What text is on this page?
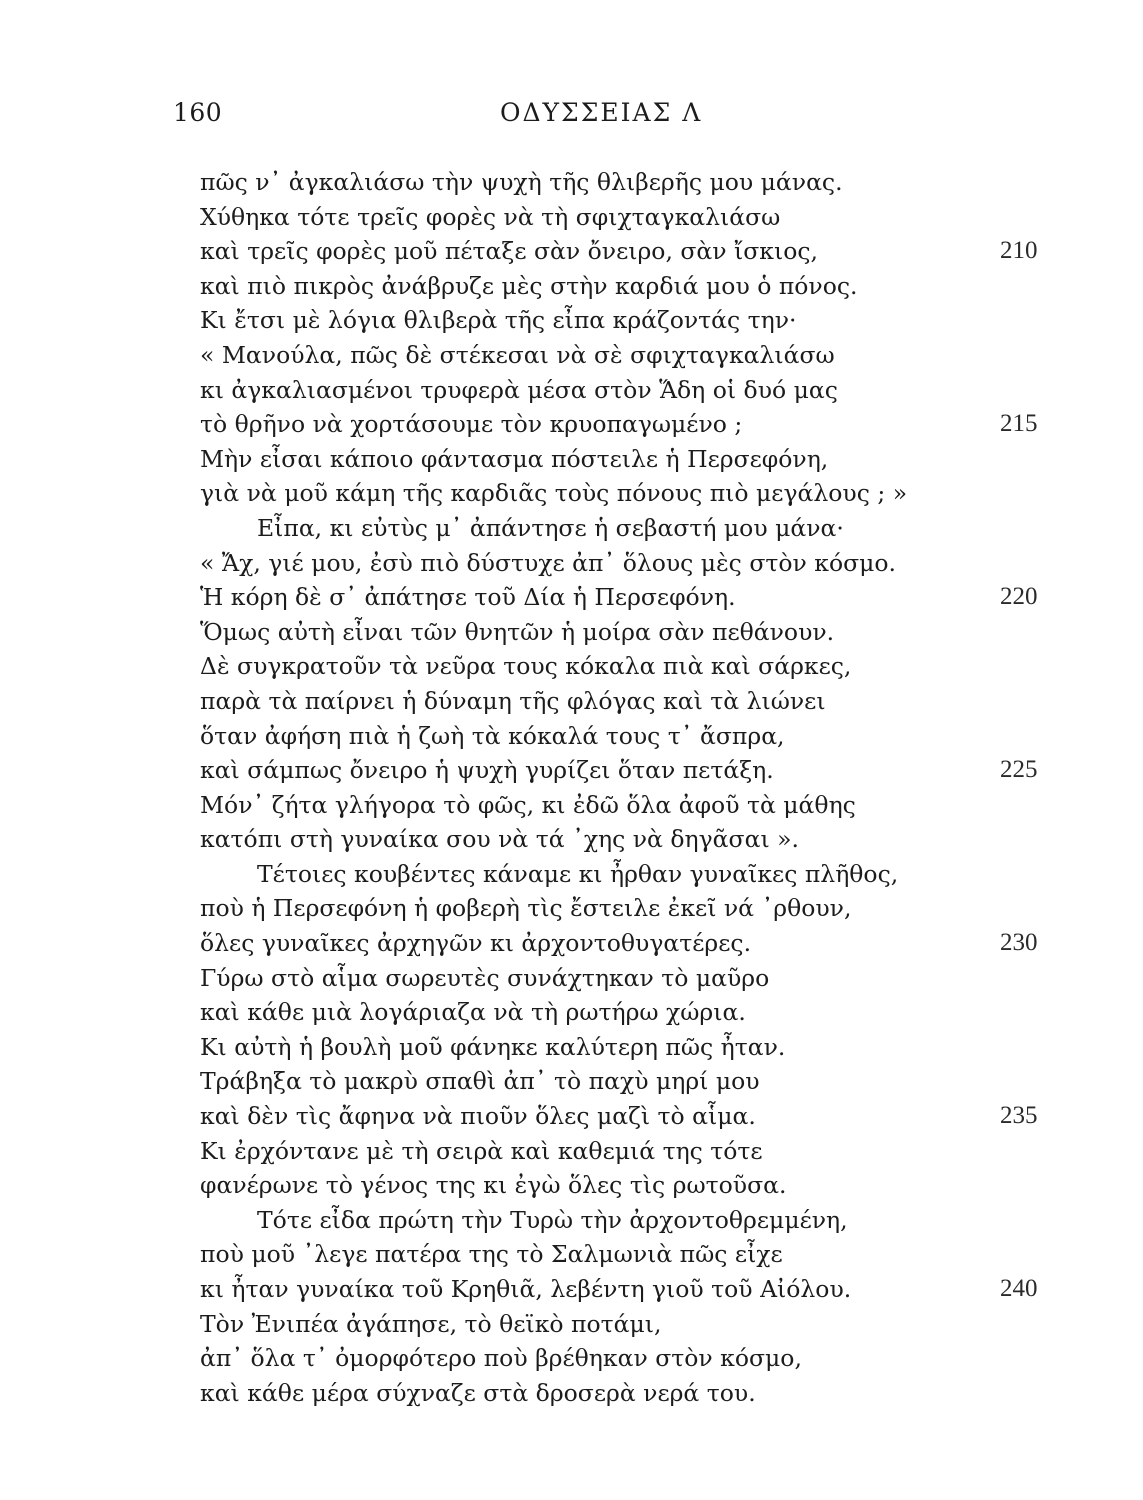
160	ΟΔΥΣΣΕΙΑΣ Λ
πῶς ν᾽ ἀγκαλιάσω τὴν ψυχὴ τῆς θλιβερῆς μου μάνας.
Χύθηκα τότε τρεῖς φορὲς νὰ τὴ σφιχταγκαλιάσω
καὶ τρεῖς φορὲς μοῦ πέταξε σὰν ὄνειρο, σὰν ἴσκιος,	210
καὶ πιὸ πικρὸς ἀνάβρυζε μὲς στὴν καρδιά μου ὁ πόνος.
Κι ἔτσι μὲ λόγια θλιβερὰ τῆς εἶπα κράζοντάς την·
« Μανούλα, πῶς δὲ στέκεσαι νὰ σὲ σφιχταγκαλιάσω
κι ἀγκαλιασμένοι τρυφερὰ μέσα στὸν Ἅδη οἱ δυό μας
τὸ θρῆνο νὰ χορτάσουμε τὸν κρυοπαγωμένο ;	215
Μὴν εἶσαι κάποιο φάντασμα πόστειλε ἡ Περσεφόνη,
γιὰ νὰ μοῦ κάμη τῆς καρδιᾶς τοὺς πόνους πιὸ μεγάλους ; »
Εἶπα, κι εὐτὺς μ᾽ ἀπάντησε ἡ σεβαστή μου μάνα·
« Ἄχ, γιέ μου, ἐσὺ πιὸ δύστυχε ἀπ᾽ ὅλους μὲς στὸν κόσμο.
Ἡ κόρη δὲ σ᾽ ἀπάτησε τοῦ Δία ἡ Περσεφόνη.	220
Ὅμως αὐτὴ εἶναι τῶν θνητῶν ἡ μοίρα σὰν πεθάνουν.
Δὲ συγκρατοῦν τὰ νεῦρα τους κόκαλα πιὰ καὶ σάρκες,
παρὰ τὰ παίρνει ἡ δύναμη τῆς φλόγας καὶ τὰ λιώνει
ὅταν ἀφήση πιὰ ἡ ζωὴ τὰ κόκαλά τους τ᾽ ἄσπρα,
καὶ σάμπως ὄνειρο ἡ ψυχὴ γυρίζει ὅταν πετάξη.	225
Μόν᾽ ζήτα γλήγορα τὸ φῶς, κι ἐδῶ ὅλα ἀφοῦ τὰ μάθης
κατόπι στὴ γυναίκα σου νὰ τά ᾽χης νὰ δηγᾶσαι ».
Τέτοιες κουβέντες κάναμε κι ἦρθαν γυναῖκες πλῆθος,
ποὺ ἡ Περσεφόνη ἡ φοβερὴ τὶς ἔστειλε ἐκεῖ νά ᾽ρθουν,
ὅλες γυναῖκες ἀρχηγῶν κι ἀρχοντοθυγατέρες.	230
Γύρω στὸ αἷμα σωρευτὲς συνάχτηκαν τὸ μαῦρο
καὶ κάθε μιὰ λογάριαζα νὰ τὴ ρωτήρω χώρια.
Κι αὐτὴ ἡ βουλὴ μοῦ φάνηκε καλύτερη πῶς ἦταν.
Τράβηξα τὸ μακρὺ σπαθὶ ἀπ᾽ τὸ παχὺ μηρί μου
καὶ δὲν τὶς ἄφηνα νὰ πιοῦν ὅλες μαζὶ τὸ αἷμα.	235
Κι ἐρχόντανε μὲ τὴ σειρὰ καὶ καθεμιά της τότε
φανέρωνε τὸ γένος της κι ἐγὼ ὅλες τὶς ρωτοῦσα.
Τότε εἶδα πρώτη τὴν Τυρὼ τὴν ἀρχοντοθρεμμένη,
ποὺ μοῦ ᾽λεγε πατέρα της τὸ Σαλμωνιὰ πῶς εἶχε
κι ἦταν γυναίκα τοῦ Κρηθιᾶ, λεβέντη γιοῦ τοῦ Αἰόλου.	240
Τὸν Ἐνιπέα ἀγάπησε, τὸ θεϊκὸ ποτάμι,
ἀπ᾽ ὅλα τ᾽ ὀμορφότερο ποὺ βρέθηκαν στὸν κόσμο,
καὶ κάθε μέρα σύχναζε στὰ δροσερὰ νερά του.
